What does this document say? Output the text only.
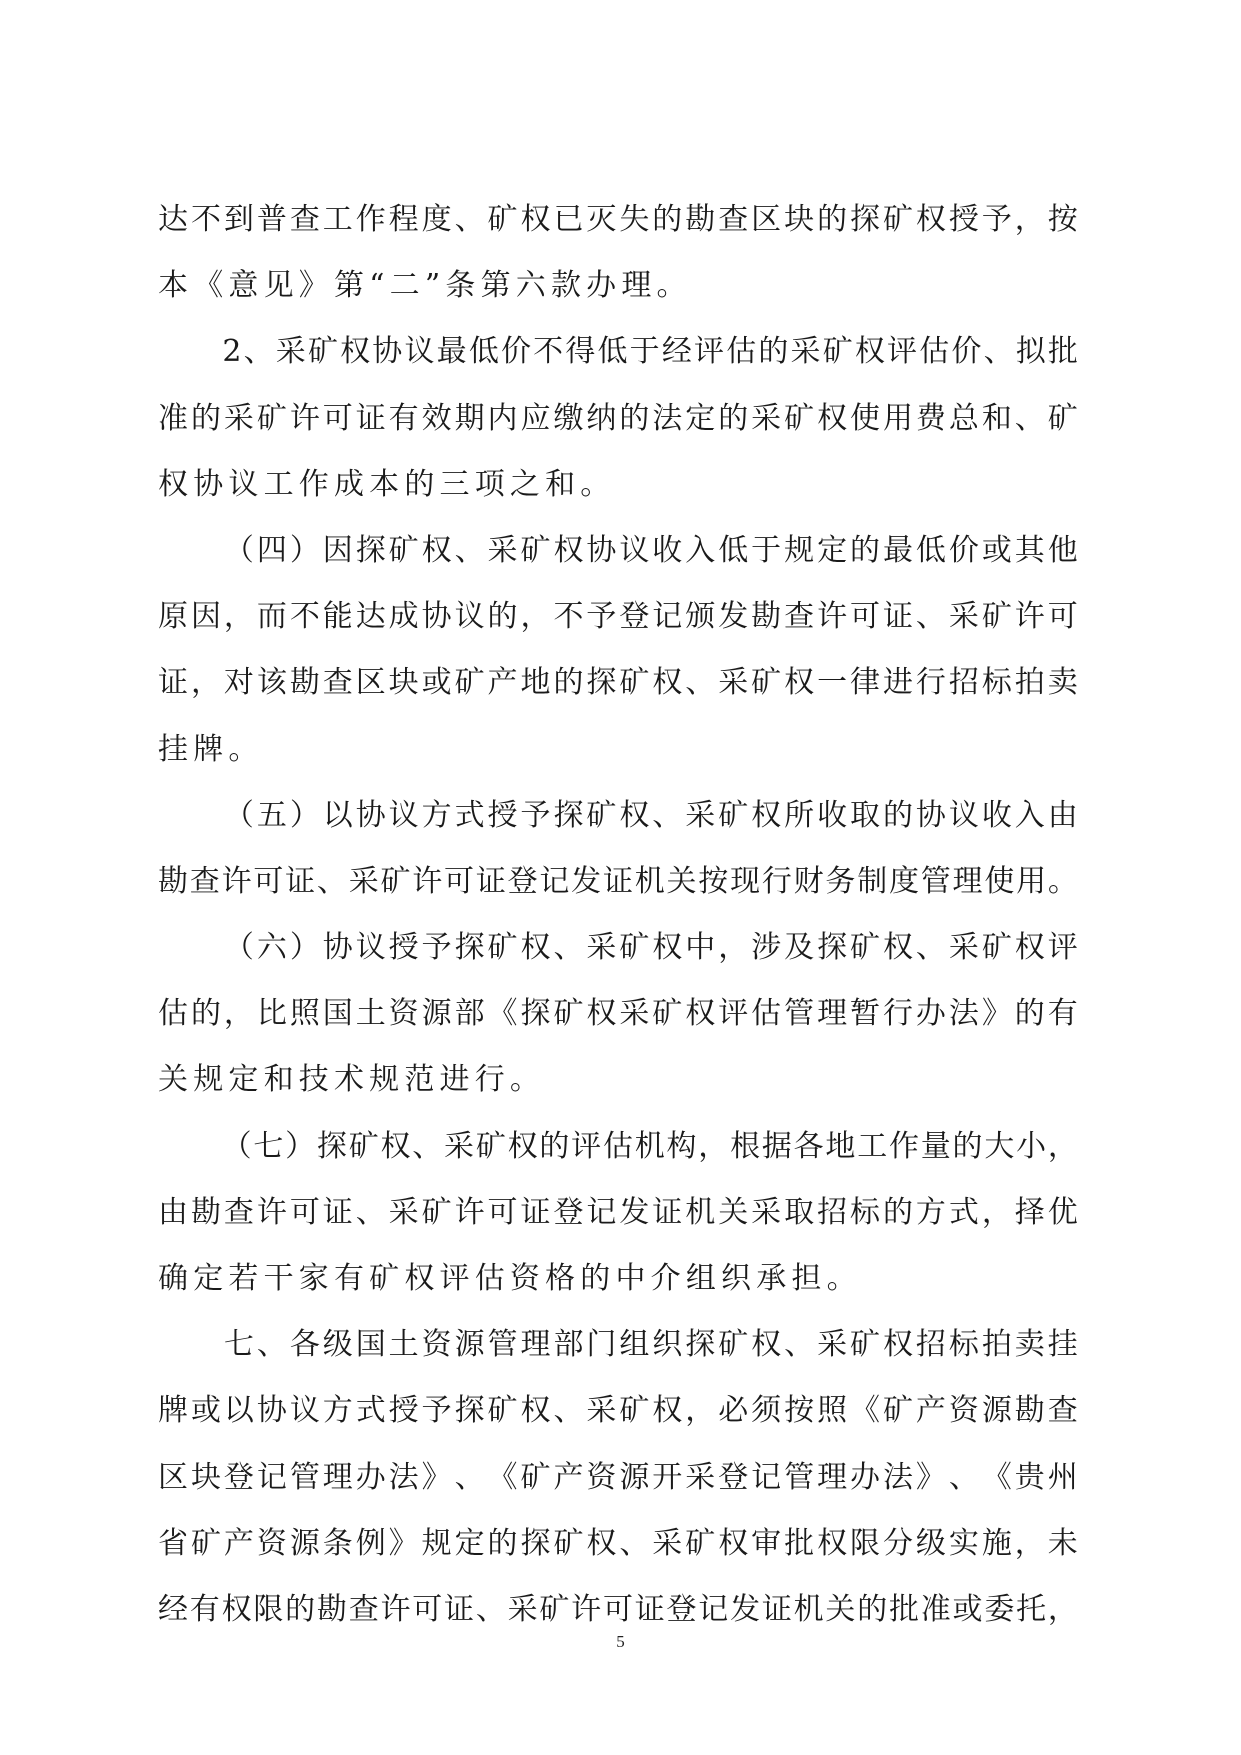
达 不 到 普 查 工 作 程 度 、 矿 权 已 灭 失 的 勘 查 区 块 的 探 矿 权 授 予 ， 按
本 《 意 见 》 第 “ 二 ” 条 第 六 款 办 理 。

2 、 采 矿 权 协 议 最 低 价 不 得 低 于 经 评 估 的 采 矿 权 评 估 价 、 拟 批
准 的 采 矿 许 可 证 有 效 期 内 应 缴 纳 的 法 定 的 采 矿 权 使 用 费 总 和 、 矿
权 协 议 工 作 成 本 的 三 项 之 和 。

（ 四 ） 因 探 矿 权 、 采 矿 权 协 议 收 入 低 于 规 定 的 最 低 价 或 其 他
原 因 ， 而 不 能 达 成 协 议 的 ， 不 予 登 记 颁 发 勘 查 许 可 证 、 采 矿 许 可
证 ， 对 该 勘 查 区 块 或 矿 产 地 的 探 矿 权 、 采 矿 权 一 律 进 行 招 标 拍 卖
挂 牌 。

（ 五 ） 以 协 议 方 式 授 予 探 矿 权 、 采 矿 权 所 收 取 的 协 议 收 入 由
勘 查 许 可 证 、 采 矿 许 可 证 登 记 发 证 机 关 按 现 行 财 务 制 度 管 理 使 用 。

（ 六 ） 协 议 授 予 探 矿 权 、 采 矿 权 中 ， 涉 及 探 矿 权 、 采 矿 权 评
估 的 ， 比 照 国 土 资 源 部 《 探 矿 权 采 矿 权 评 估 管 理 暂 行 办 法 》 的 有
关 规 定 和 技 术 规 范 进 行 。

（ 七 ） 探 矿 权 、 采 矿 权 的 评 估 机 构 ， 根 据 各 地 工 作 量 的 大 小 ，
由 勘 查 许 可 证 、 采 矿 许 可 证 登 记 发 证 机 关 采 取 招 标 的 方 式 ， 择 优
确 定 若 干 家 有 矿 权 评 估 资 格 的 中 介 组 织 承 担 。

七 、 各 级 国 土 资 源 管 理 部 门 组 织 探 矿 权 、 采 矿 权 招 标 拍 卖 挂
牌 或 以 协 议 方 式 授 予 探 矿 权 、 采 矿 权 ， 必 须 按 照 《 矿 产 资 源 勘 查
区 块 登 记 管 理 办 法 》 、 《 矿 产 资 源 开 采 登 记 管 理 办 法 》 、 《 贵 州
省 矿 产 资 源 条 例 》 规 定 的 探 矿 权 、 采 矿 权 审 批 权 限 分 级 实 施 ， 未
经 有 权 限 的 勘 查 许 可 证 、 采 矿 许 可 证 登 记 发 证 机 关 的 批 准 或 委 托 ，
5
